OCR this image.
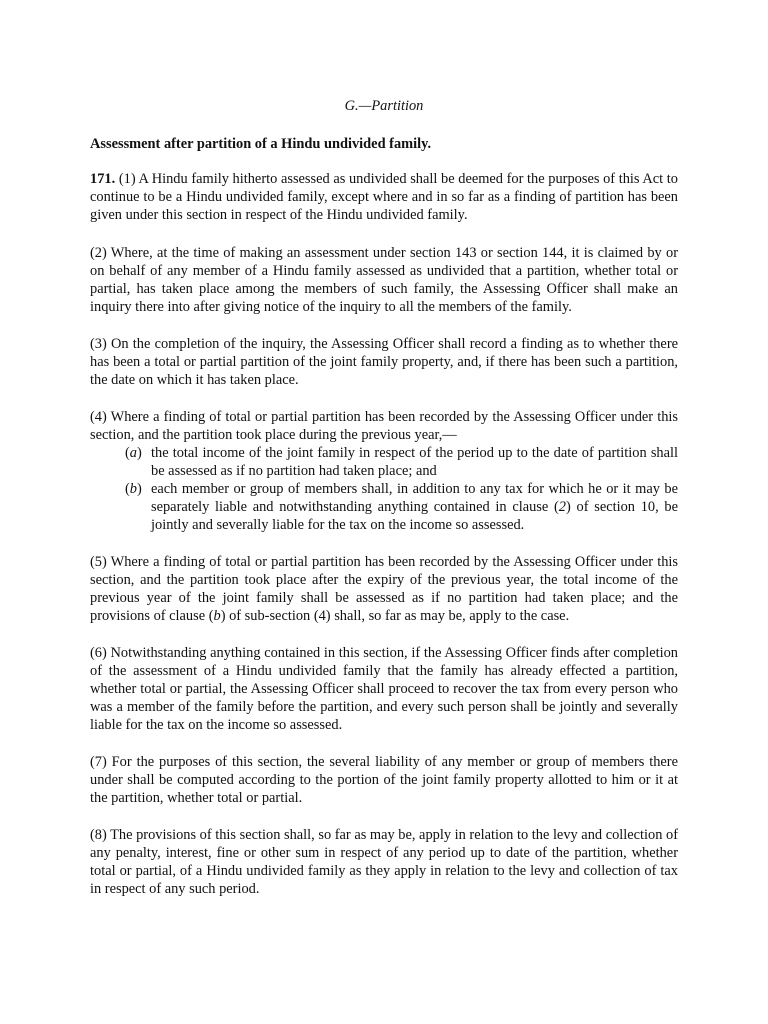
G.—Partition
Assessment after partition of a Hindu undivided family.
171. (1) A Hindu family hitherto assessed as undivided shall be deemed for the purposes of this Act to continue to be a Hindu undivided family, except where and in so far as a finding of partition has been given under this section in respect of the Hindu undivided family.
(2) Where, at the time of making an assessment under section 143 or section 144, it is claimed by or on behalf of any member of a Hindu family assessed as undivided that a partition, whether total or partial, has taken place among the members of such family, the Assessing Officer shall make an inquiry there into after giving notice of the inquiry to all the members of the family.
(3) On the completion of the inquiry, the Assessing Officer shall record a finding as to whether there has been a total or partial partition of the joint family property, and, if there has been such a partition, the date on which it has taken place.
(4) Where a finding of total or partial partition has been recorded by the Assessing Officer under this section, and the partition took place during the previous year,—
(a) the total income of the joint family in respect of the period up to the date of partition shall be assessed as if no partition had taken place; and
(b) each member or group of members shall, in addition to any tax for which he or it may be separately liable and notwithstanding anything contained in clause (2) of section 10, be jointly and severally liable for the tax on the income so assessed.
(5) Where a finding of total or partial partition has been recorded by the Assessing Officer under this section, and the partition took place after the expiry of the previous year, the total income of the previous year of the joint family shall be assessed as if no partition had taken place; and the provisions of clause (b) of sub-section (4) shall, so far as may be, apply to the case.
(6) Notwithstanding anything contained in this section, if the Assessing Officer finds after completion of the assessment of a Hindu undivided family that the family has already effected a partition, whether total or partial, the Assessing Officer shall proceed to recover the tax from every person who was a member of the family before the partition, and every such person shall be jointly and severally liable for the tax on the income so assessed.
(7) For the purposes of this section, the several liability of any member or group of members there under shall be computed according to the portion of the joint family property allotted to him or it at the partition, whether total or partial.
(8) The provisions of this section shall, so far as may be, apply in relation to the levy and collection of any penalty, interest, fine or other sum in respect of any period up to date of the partition, whether total or partial, of a Hindu undivided family as they apply in relation to the levy and collection of tax in respect of any such period.
